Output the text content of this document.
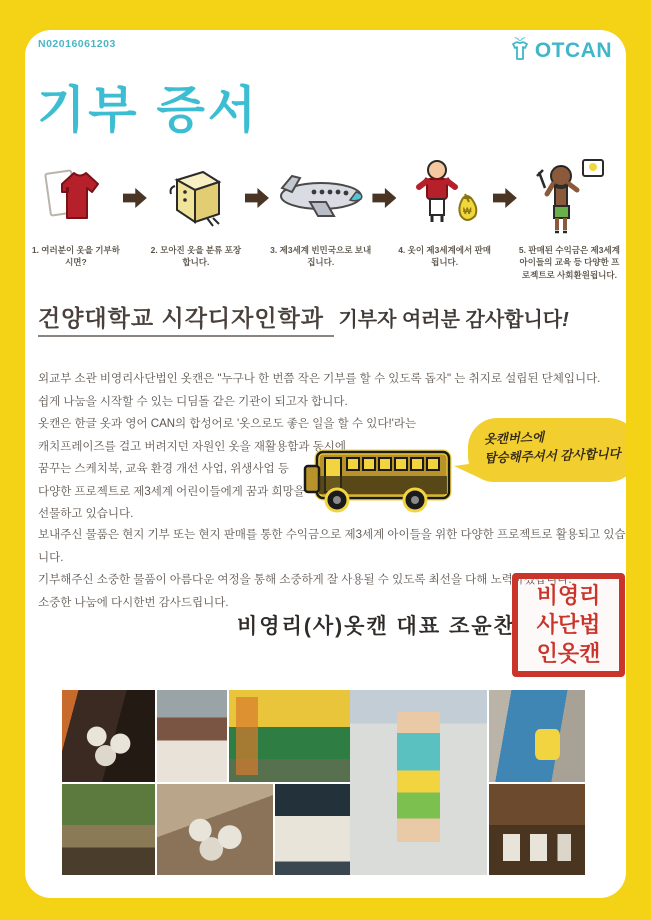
N02016061203	OTCAN
기부 증서
1. 여러분이 옷을 기부하시면?
2. 모아진 옷을 분류 포장합니다.
3. 제3세계 빈민국으로 보내집니다.
₩
4. 옷이 제3세계에서 판매됩니다.
5. 판매된 수익금은 제3세계 아이들의 교육 등 다양한 프로젝트로 사회환원됩니다.
건양대학교 시각디자인학과 기부자 여러분 감사합니다!
외교부 소관 비영리사단법인 옷캔은 "누구나 한 번쯤 작은 기부를 할 수 있도록 돕자" 는 취지로 설립된 단체입니다.
쉽게 나눔을 시작할 수 있는 디딤돌 같은 기관이 되고자 합니다.
옷캔은 한글 옷과 영어 CAN의 합성어로 '옷으로도 좋은 일을 할 수 있다!'라는
캐치프레이즈를 걸고 버려지던 자원인 옷을 재활용함과 동시에
꿈꾸는 스케치북, 교육 환경 개선 사업, 위생사업 등
다양한 프로젝트로 제3세계 어린이들에게 꿈과 희망을
선물하고 있습니다.
옷캔버스에
탑승해주셔서 감사합니다
보내주신 물품은 현지 기부 또는 현지 판매를 통한 수익금으로 제3세계 아이들을 위한 다양한 프로젝트로 활용되고 있습니다.
기부해주신 소중한 물품이 아름다운 여정을 통해 소중하게 잘 사용될 수 있도록 최선을 다해 노력하겠습니다.
소중한 나눔에 다시한번 감사드립니다.
비영리(사)옷캔 대표 조윤찬
비영리
사단법
인옷캔
